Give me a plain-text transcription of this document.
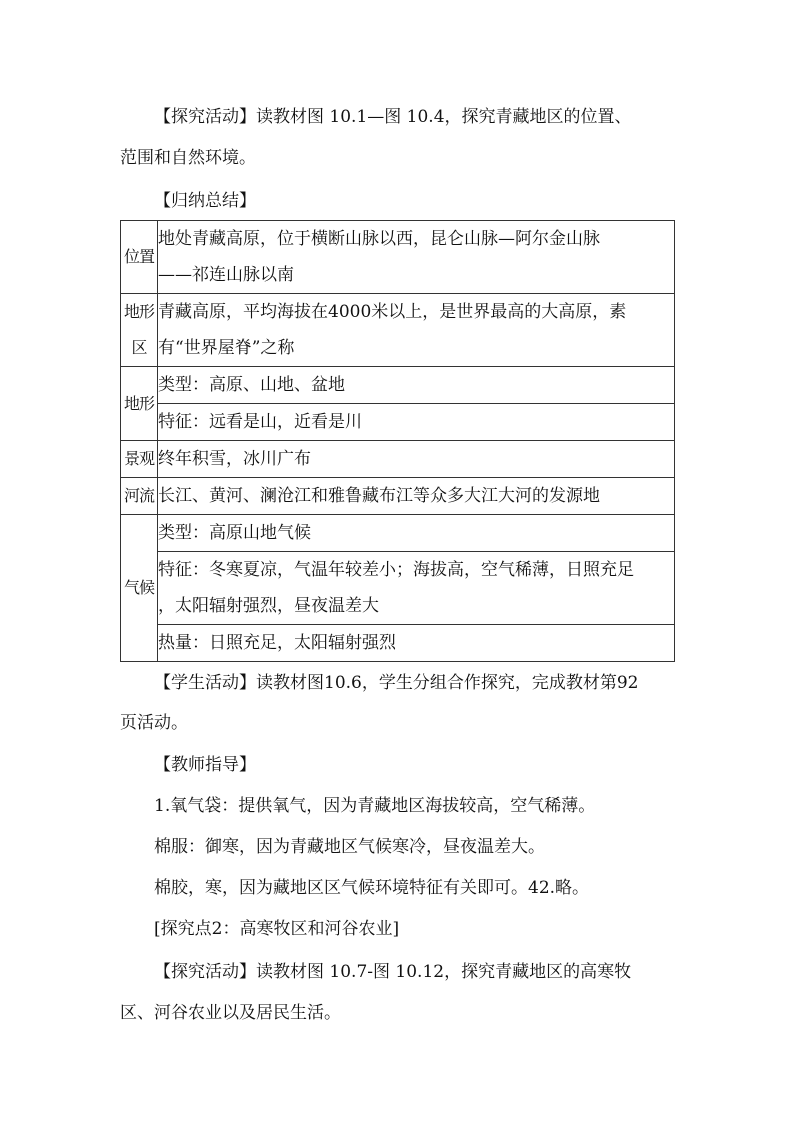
【探究活动】读教材图 10.1—图 10.4，探究青藏地区的位置、

范围和自然环境。

【归纳总结】

位置	地处青藏高原，位于横断山脉以西，昆仑山脉—阿尔金山脉
——祁连山脉以南
地形
区	青藏高原，平均海拔在4000米以上，是世界最高的大高原，素
有“世界屋脊”之称
地形	类型：高原、山地、盆地
	特征：远看是山，近看是川
景观	终年积雪，冰川广布
河流	长江、黄河、澜沧江和雅鲁藏布江等众多大江大河的发源地
气候	类型：高原山地气候
	特征：冬寒夏凉，气温年较差小；海拔高，空气稀薄，日照充足
，太阳辐射强烈，昼夜温差大
	热量：日照充足，太阳辐射强烈

【学生活动】读教材图10.6，学生分组合作探究，完成教材第92

页活动。

【教师指导】

1.氧气袋：提供氧气，因为青藏地区海拔较高，空气稀薄。

棉服：御寒，因为青藏地区气候寒冷，昼夜温差大。

棉胶，寒，因为藏地区区气候环境特征有关即可。42.略。

[探究点2：高寒牧区和河谷农业]

【探究活动】读教材图 10.7-图 10.12，探究青藏地区的高寒牧

区、河谷农业以及居民生活。
